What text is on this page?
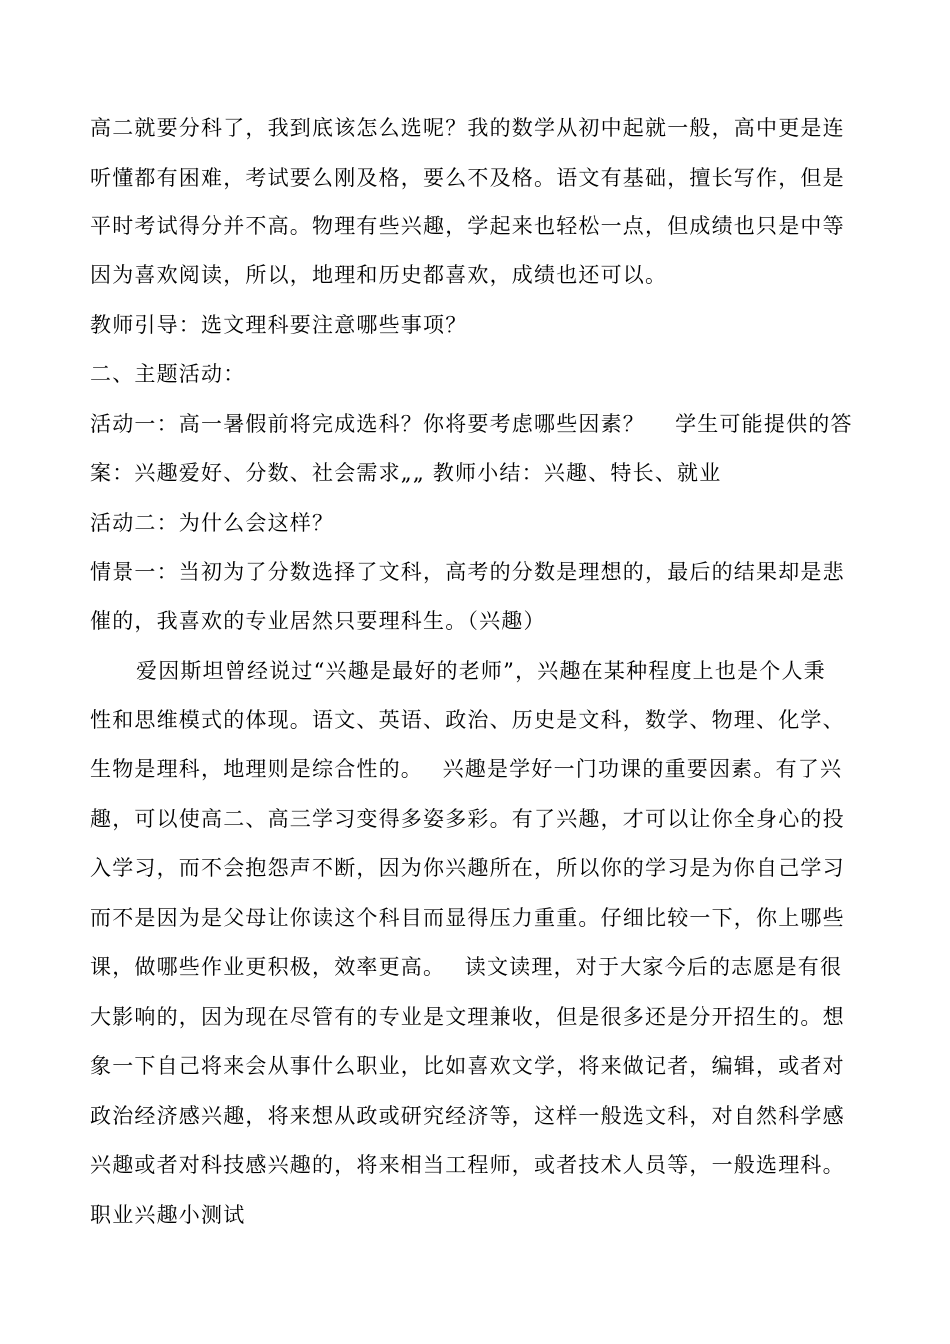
高二就要分科了，我到底该怎么选呢？我的数学从初中起就一般，高中更是连
听懂都有困难，考试要么刚及格，要么不及格。语文有基础，擅长写作，但是
平时考试得分并不高。物理有些兴趣，学起来也轻松一点，但成绩也只是中等
因为喜欢阅读，所以，地理和历史都喜欢，成绩也还可以。
教师引导：选文理科要注意哪些事项？
二、主题活动：
活动一：高一暑假前将完成选科？你将要考虑哪些因素？　 学生可能提供的答
案：兴趣爱好、分数、社会需求„„ 教师小结：兴趣、特长、就业
活动二：为什么会这样？
情景一：当初为了分数选择了文科，高考的分数是理想的，最后的结果却是悲
催的，我喜欢的专业居然只要理科生。（兴趣）
爱因斯坦曾经说过“兴趣是最好的老师”，兴趣在某种程度上也是个人秉
性和思维模式的体现。语文、英语、政治、历史是文科，数学、物理、化学、
生物是理科，地理则是综合性的。　 兴趣是学好一门功课的重要因素。有了兴
趣，可以使高二、高三学习变得多姿多彩。有了兴趣，才可以让你全身心的投
入学习，而不会抱怨声不断，因为你兴趣所在，所以你的学习是为你自己学习
而不是因为是父母让你读这个科目而显得压力重重。仔细比较一下，你上哪些
课，做哪些作业更积极，效率更高。　 读文读理，对于大家今后的志愿是有很
大影响的，因为现在尽管有的专业是文理兼收，但是很多还是分开招生的。想
象一下自己将来会从事什么职业，比如喜欢文学，将来做记者，编辑，或者对
政治经济感兴趣，将来想从政或研究经济等，这样一般选文科，对自然科学感
兴趣或者对科技感兴趣的，将来相当工程师，或者技术人员等，一般选理科。
职业兴趣小测试
